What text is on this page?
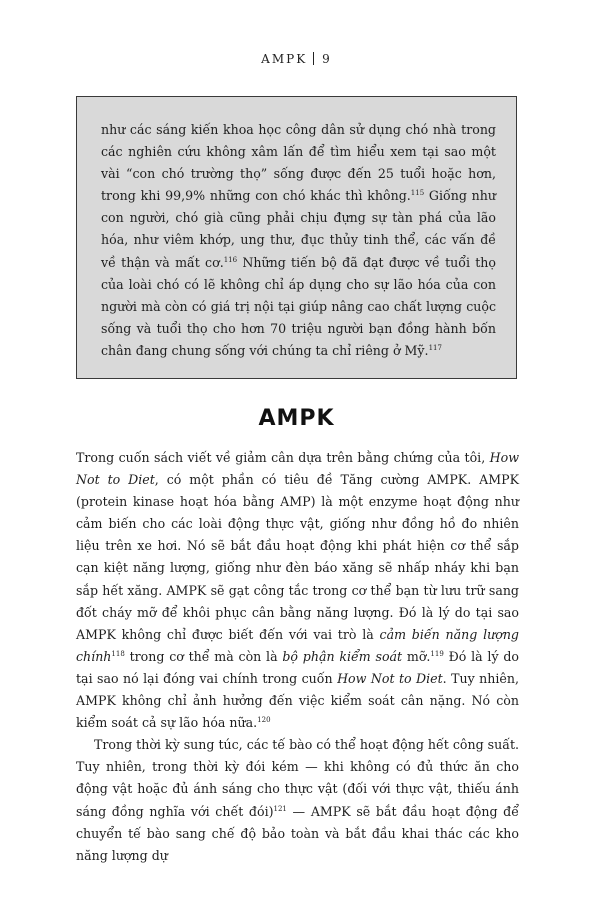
AMPK 9

như các sáng kiến khoa học công dân sử dụng chó nhà trong các nghiên cứu không xâm lấn để tìm hiểu xem tại sao một vài “con chó trường thọ” sống được đến 25 tuổi hoặc hơn, trong khi 99,9% những con chó khác thì không.$^{115}$ Giống như con người, chó già cũng phải chịu đựng sự tàn phá của lão hóa, như viêm khớp, ung thư, đục thủy tinh thể, các vấn đề về thận và mất cơ.$^{116}$ Những tiến bộ đã đạt được về tuổi thọ của loài chó có lẽ không chỉ áp dụng cho sự lão hóa của con người mà còn có giá trị nội tại giúp nâng cao chất lượng cuộc sống và tuổi thọ cho hơn 70 triệu người bạn đồng hành bốn chân đang chung sống với chúng ta chỉ riêng ở Mỹ.$^{117}$

AMPK

Trong cuốn sách viết về giảm cân dựa trên bằng chứng của tôi, How Not to Diet, có một phần có tiêu đề Tăng cường AMPK. AMPK (protein kinase hoạt hóa bằng AMP) là một enzyme hoạt động như cảm biến cho các loài động thực vật, giống như đồng hồ đo nhiên liệu trên xe hơi. Nó sẽ bắt đầu hoạt động khi phát hiện cơ thể sắp cạn kiệt năng lượng, giống như đèn báo xăng sẽ nhấp nháy khi bạn sắp hết xăng. AMPK sẽ gạt công tắc trong cơ thể bạn từ lưu trữ sang đốt cháy mỡ để khôi phục cân bằng năng lượng. Đó là lý do tại sao AMPK không chỉ được biết đến với vai trò là cảm biến năng lượng chính$^{118}$ trong cơ thể mà còn là bộ phận kiểm soát mỡ.$^{119}$ Đó là lý do tại sao nó lại đóng vai chính trong cuốn How Not to Diet. Tuy nhiên, AMPK không chỉ ảnh hưởng đến việc kiểm soát cân nặng. Nó còn kiểm soát cả sự lão hóa nữa.$^{120}$

Trong thời kỳ sung túc, các tế bào có thể hoạt động hết công suất. Tuy nhiên, trong thời kỳ đói kém — khi không có đủ thức ăn cho động vật hoặc đủ ánh sáng cho thực vật (đối với thực vật, thiếu ánh sáng đồng nghĩa với chết đói)$^{121}$ — AMPK sẽ bắt đầu hoạt động để chuyển tế bào sang chế độ bảo toàn và bắt đầu khai thác các kho năng lượng dự
